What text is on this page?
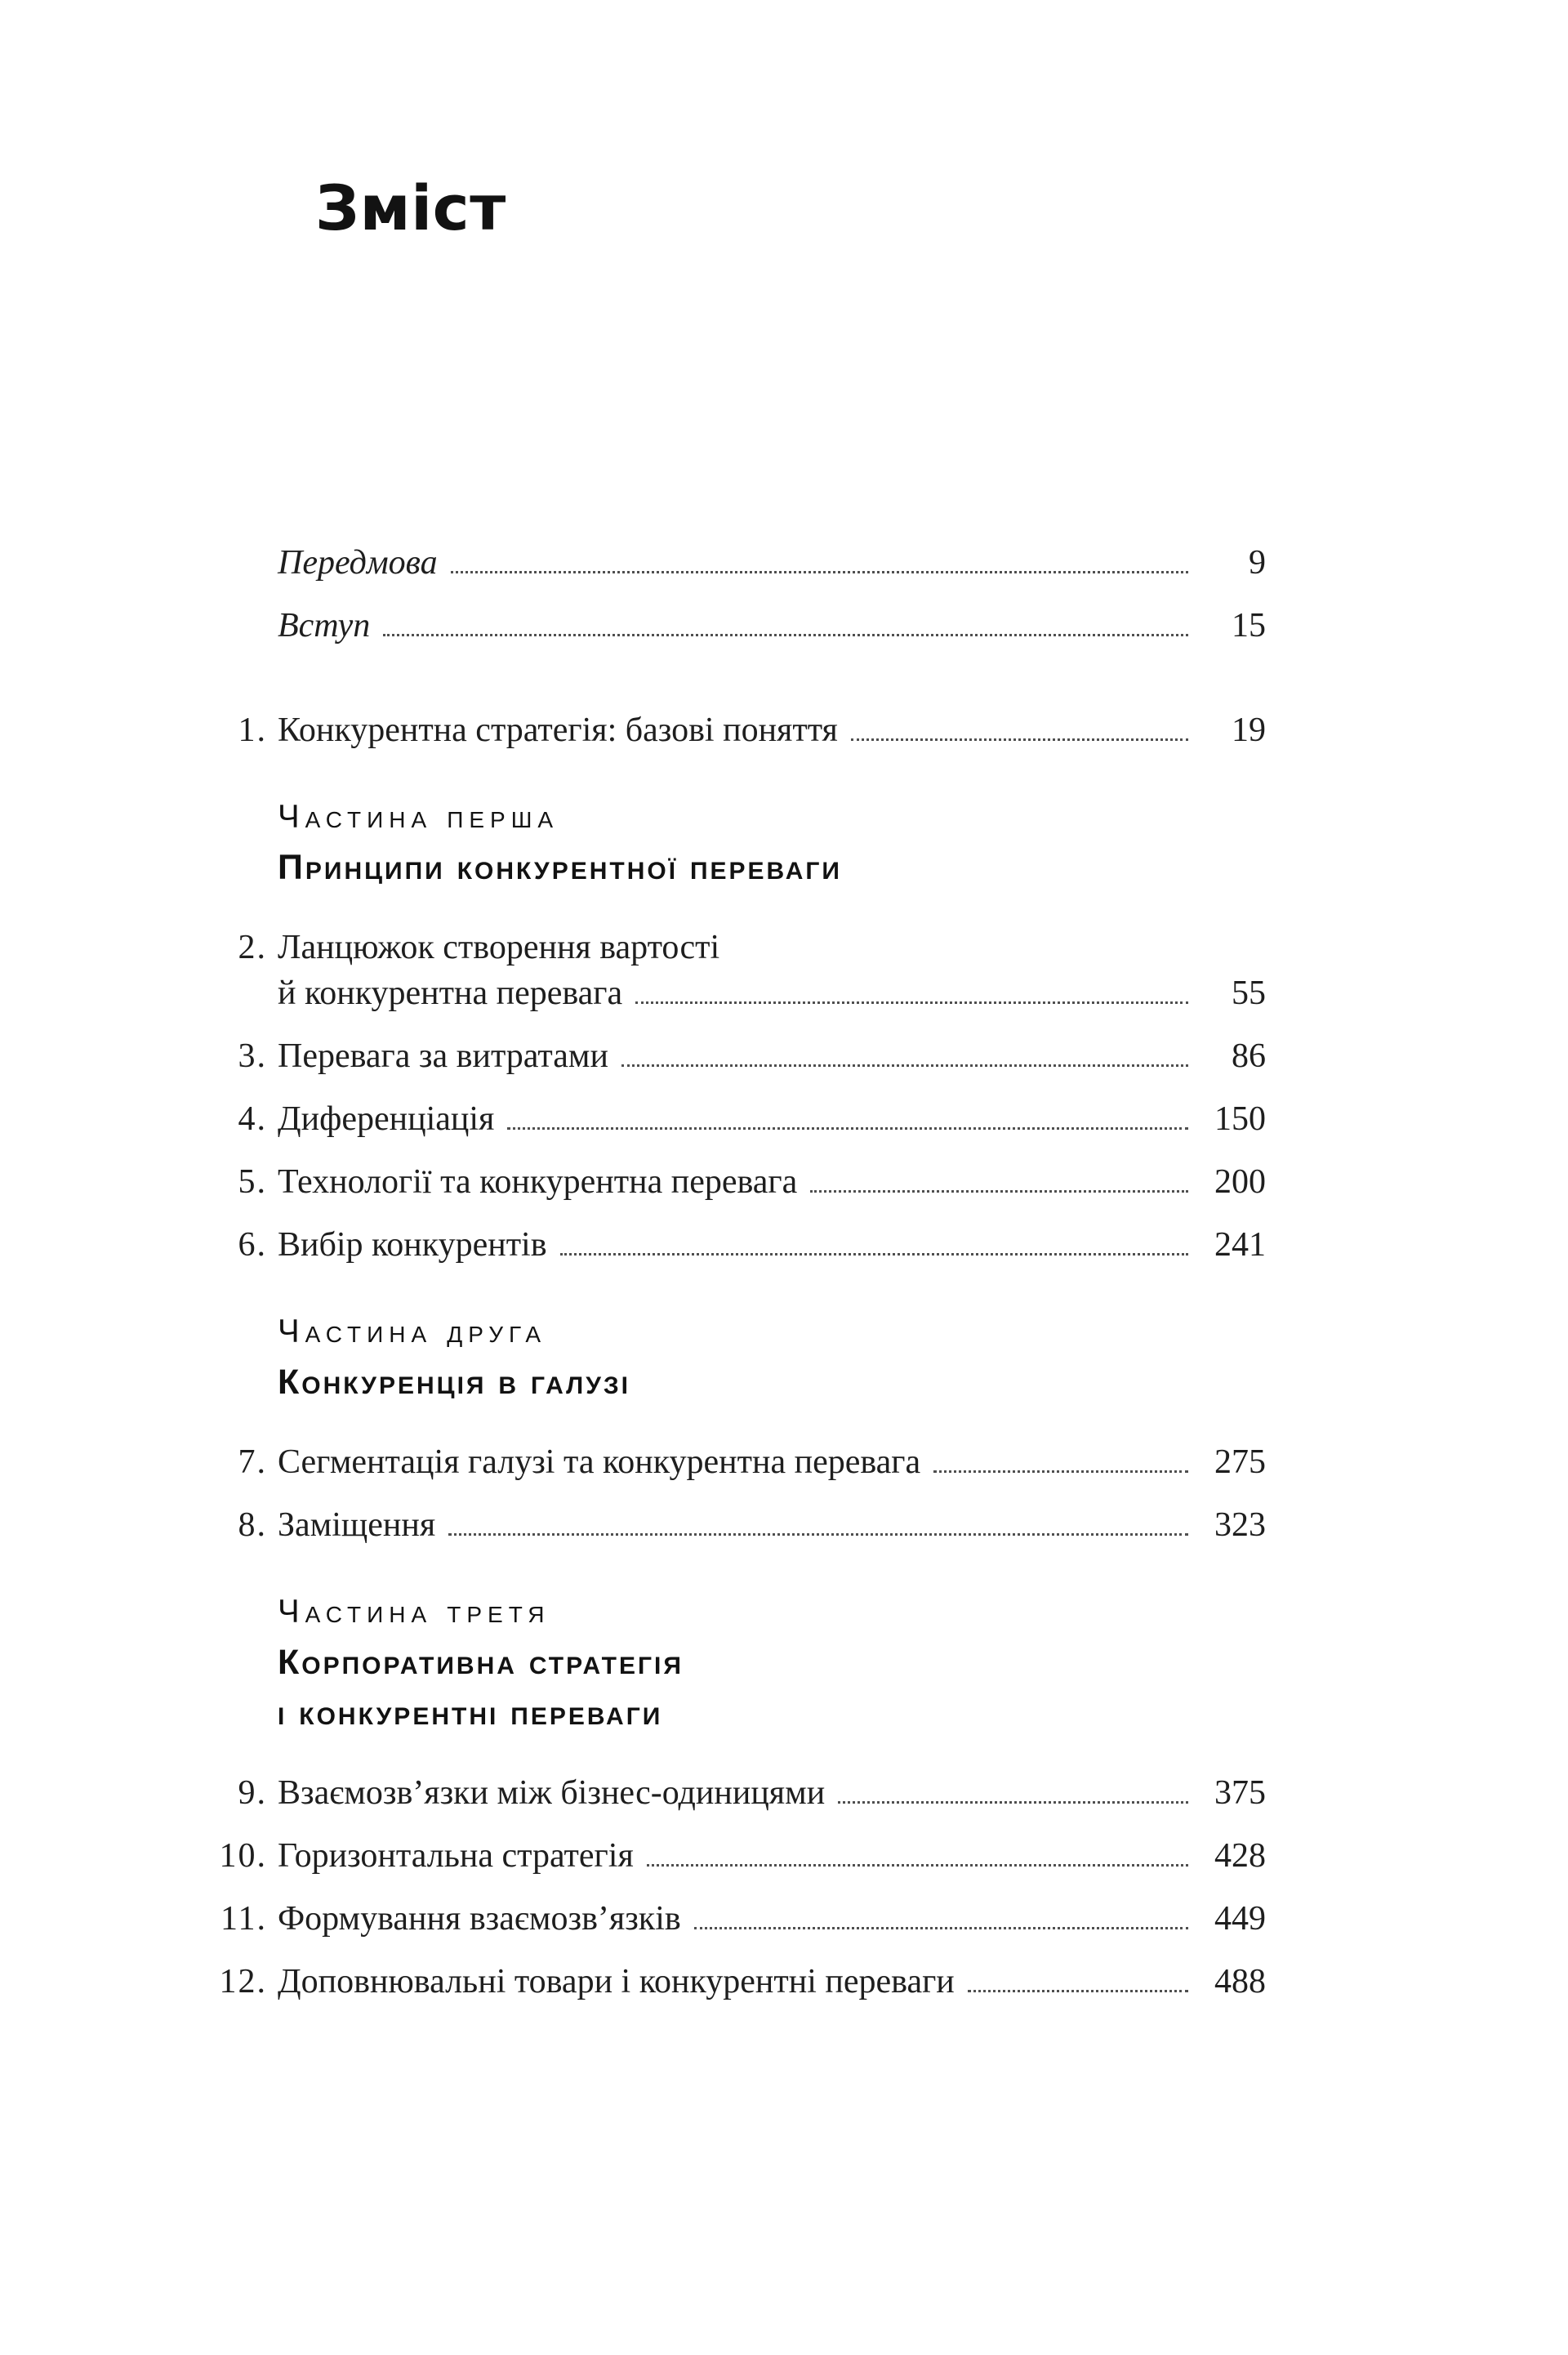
Зміст
Передмова	9
Вступ	15
1. Конкурентна стратегія: базові поняття	19
Частина перша
Принципи конкурентної переваги
2. Ланцюжок створення вартості
й конкурентна перевага	55
3. Перевага за витратами	86
4. Диференціація	150
5. Технології та конкурентна перевага	200
6. Вибір конкурентів	241
Частина друга
Конкуренція в галузі
7. Сегментація галузі та конкурентна перевага	275
8. Заміщення	323
Частина третя
Корпоративна стратегія
і конкурентні переваги
9. Взаємозв’язки між бізнес-одиницями	375
10. Горизонтальна стратегія	428
11. Формування взаємозв’язків	449
12. Доповнювальні товари і конкурентні переваги	488
